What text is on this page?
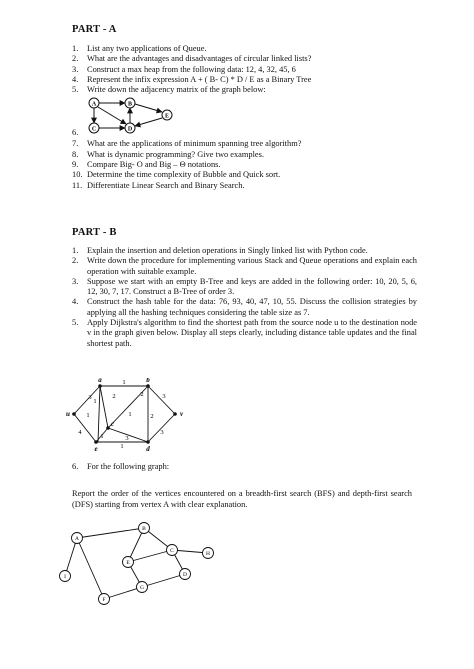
PART - A
1. List any two applications of Queue.
2. What are the advantages and disadvantages of circular linked lists?
3. Construct a max heap from the following data: 12, 4, 32, 45, 6
4. Represent the infix expression A + ( B- C) * D / E as a Binary Tree
5. Write down the adjacency matrix of the graph below:
6.
A	B
C	D
E
7. What are the applications of minimum spanning tree algorithm?
8. What is dynamic programming? Give two examples.
9. Compare Big- O and Big – Θ notations.
10. Determine the time complexity of Bubble and Quick sort.
11. Differentiate Linear Search and Binary Search.
PART - B
1. Explain the insertion and deletion operations in Singly linked list with Python code.
2. Write down the procedure for implementing various Stack and Queue operations and explain each operation with suitable example.
3. Suppose we start with an empty B-Tree and keys are added in the following order: 10, 20, 5, 6, 12, 30, 7, 17. Construct a B-Tree of order 3.
4. Construct the hash table for the data: 76, 93, 40, 47, 10, 55. Discuss the collision strategies by applying all the hashing techniques considering the table size as 7.
5. Apply Dijkstra's algorithm to find the shortest path from the source node u to the destination node v in the graph given below. Display all steps clearly, including distance table updates and the final shortest path.
a	b
c
d
e
u	v
1
2
3
1
2	3
1
4
1
2
1
3
3
1
6. For the following graph:
Report the order of the vertices encountered on a breadth-first search (BFS) and depth-first search (DFS) starting from vertex A with clear explanation.
A
B
C
D
E
F
G
H
I
